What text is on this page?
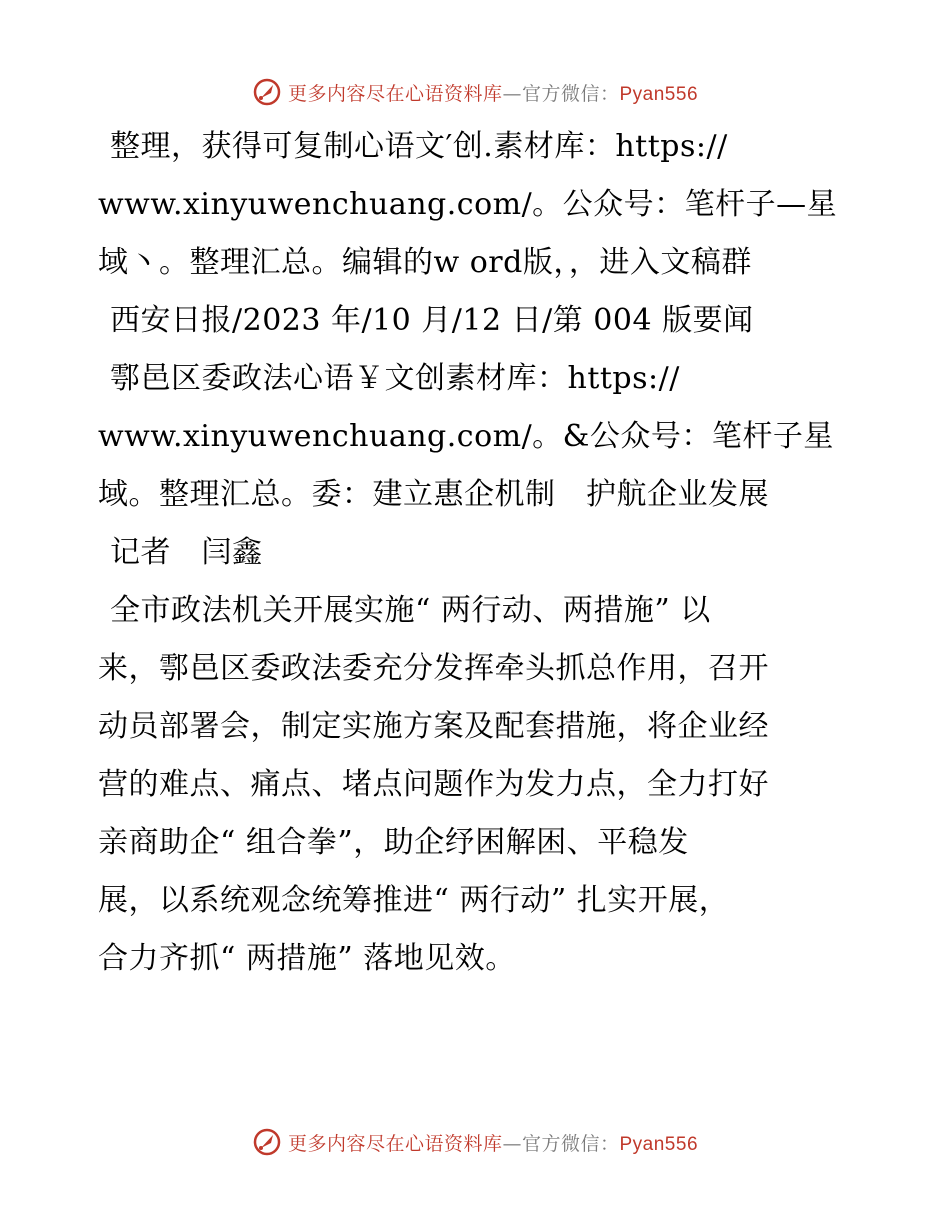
更多内容尽在心语资料库—官方微信：Pyan556
整理，获得可复制心语文′创.素材库：https://
www.xinyuwenchuang.com/。公众号：笔杆子—星
域丶。整理汇总。编辑的w ord版，，进入文稿群
西安日报/2023 年/10 月/12 日/第 004 版要闻
鄠邑区委政法心语￥文创素材库：https://
www.xinyuwenchuang.com/。&公众号：笔杆子星
域。整理汇总。委：建立惠企机制　护航企业发展
记者　闫鑫
全市政法机关开展实施“ 两行动、两措施” 以
来，鄠邑区委政法委充分发挥牵头抓总作用，召开
动员部署会，制定实施方案及配套措施，将企业经
营的难点、痛点、堵点问题作为发力点，全力打好
亲商助企“ 组合拳”，助企纾困解困、平稳发
展，以系统观念统筹推进“ 两行动” 扎实开展，
合力齐抓“ 两措施” 落地见效。
更多内容尽在心语资料库—官方微信：Pyan556
